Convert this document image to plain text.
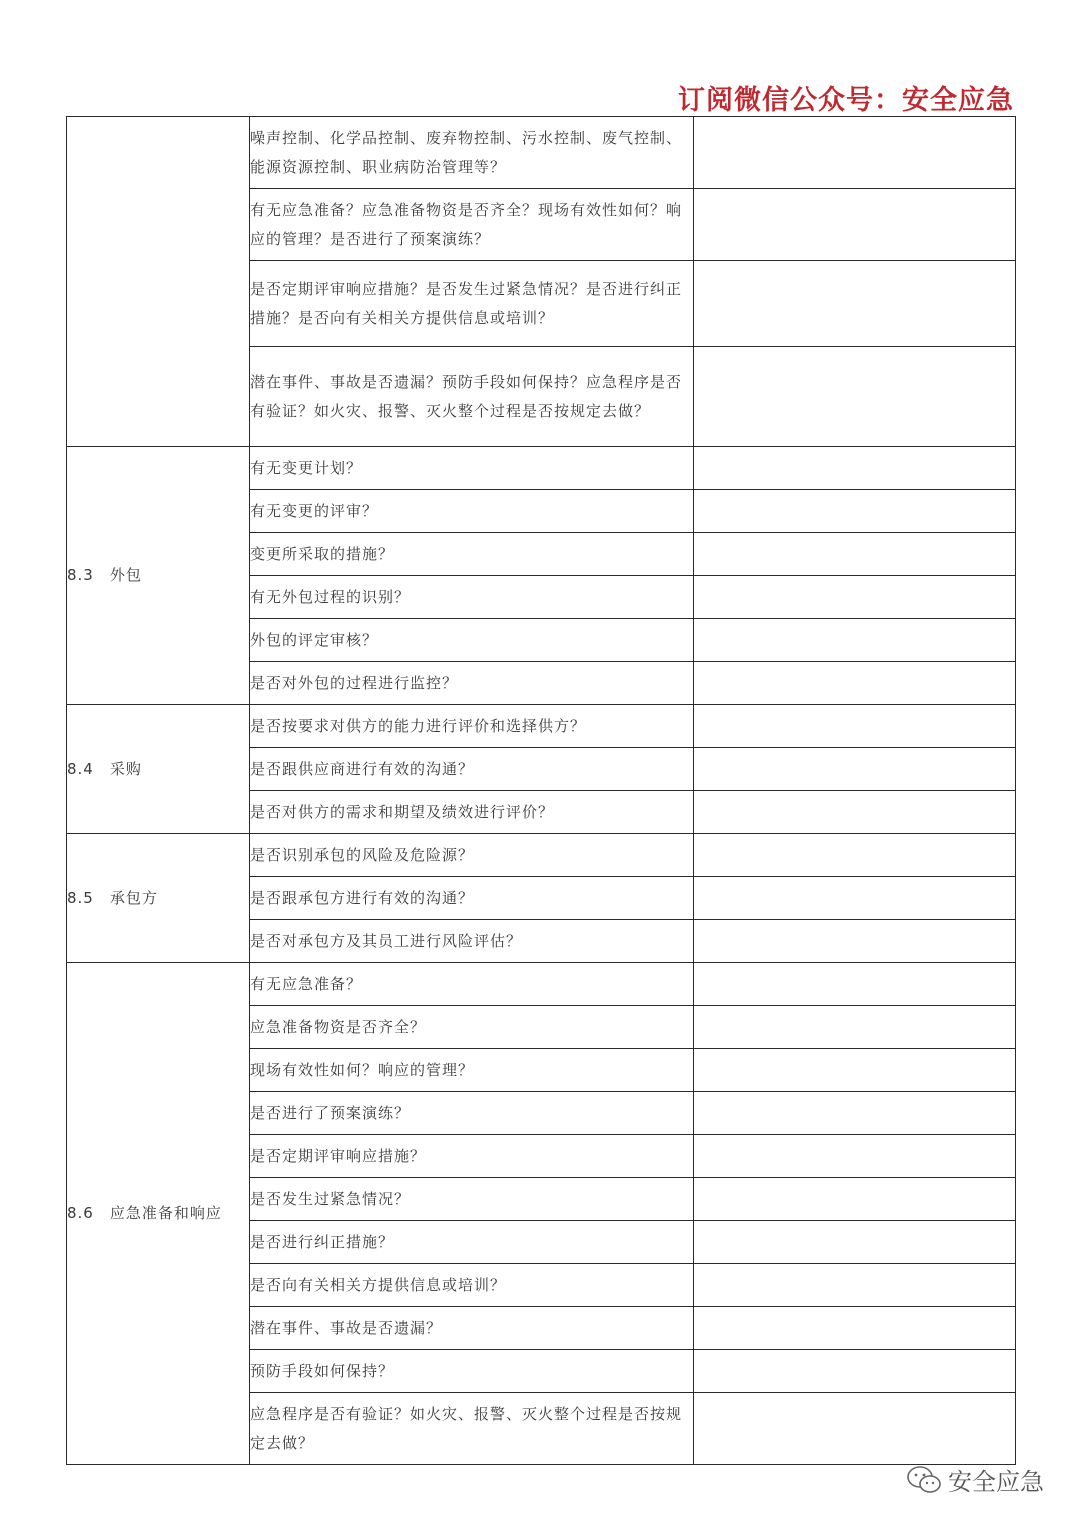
订阅微信公众号：安全应急
	噪声控制、化学品控制、废弃物控制、污水控制、废气控制、能源资源控制、职业病防治管理等？	
	有无应急准备？应急准备物资是否齐全？现场有效性如何？响应的管理？是否进行了预案演练？	
	是否定期评审响应措施？是否发生过紧急情况？是否进行纠正措施？是否向有关相关方提供信息或培训？	
	潜在事件、事故是否遗漏？预防手段如何保持？应急程序是否有验证？如火灾、报警、灭火整个过程是否按规定去做？	
8.3　外包	有无变更计划？	
	有无变更的评审？	
	变更所采取的措施？	
	有无外包过程的识别？	
	外包的评定审核？	
	是否对外包的过程进行监控？	
8.4　采购	是否按要求对供方的能力进行评价和选择供方？	
	是否跟供应商进行有效的沟通？	
	是否对供方的需求和期望及绩效进行评价？	
8.5　承包方	是否识别承包的风险及危险源？	
	是否跟承包方进行有效的沟通？	
	是否对承包方及其员工进行风险评估？	
8.6　应急准备和响应	有无应急准备？	
	应急准备物资是否齐全？	
	现场有效性如何？响应的管理？	
	是否进行了预案演练？	
	是否定期评审响应措施？	
	是否发生过紧急情况？	
	是否进行纠正措施？	
	是否向有关相关方提供信息或培训？	
	潜在事件、事故是否遗漏？	
	预防手段如何保持？	
	应急程序是否有验证？如火灾、报警、灭火整个过程是否按规定去做？	
安全应急
